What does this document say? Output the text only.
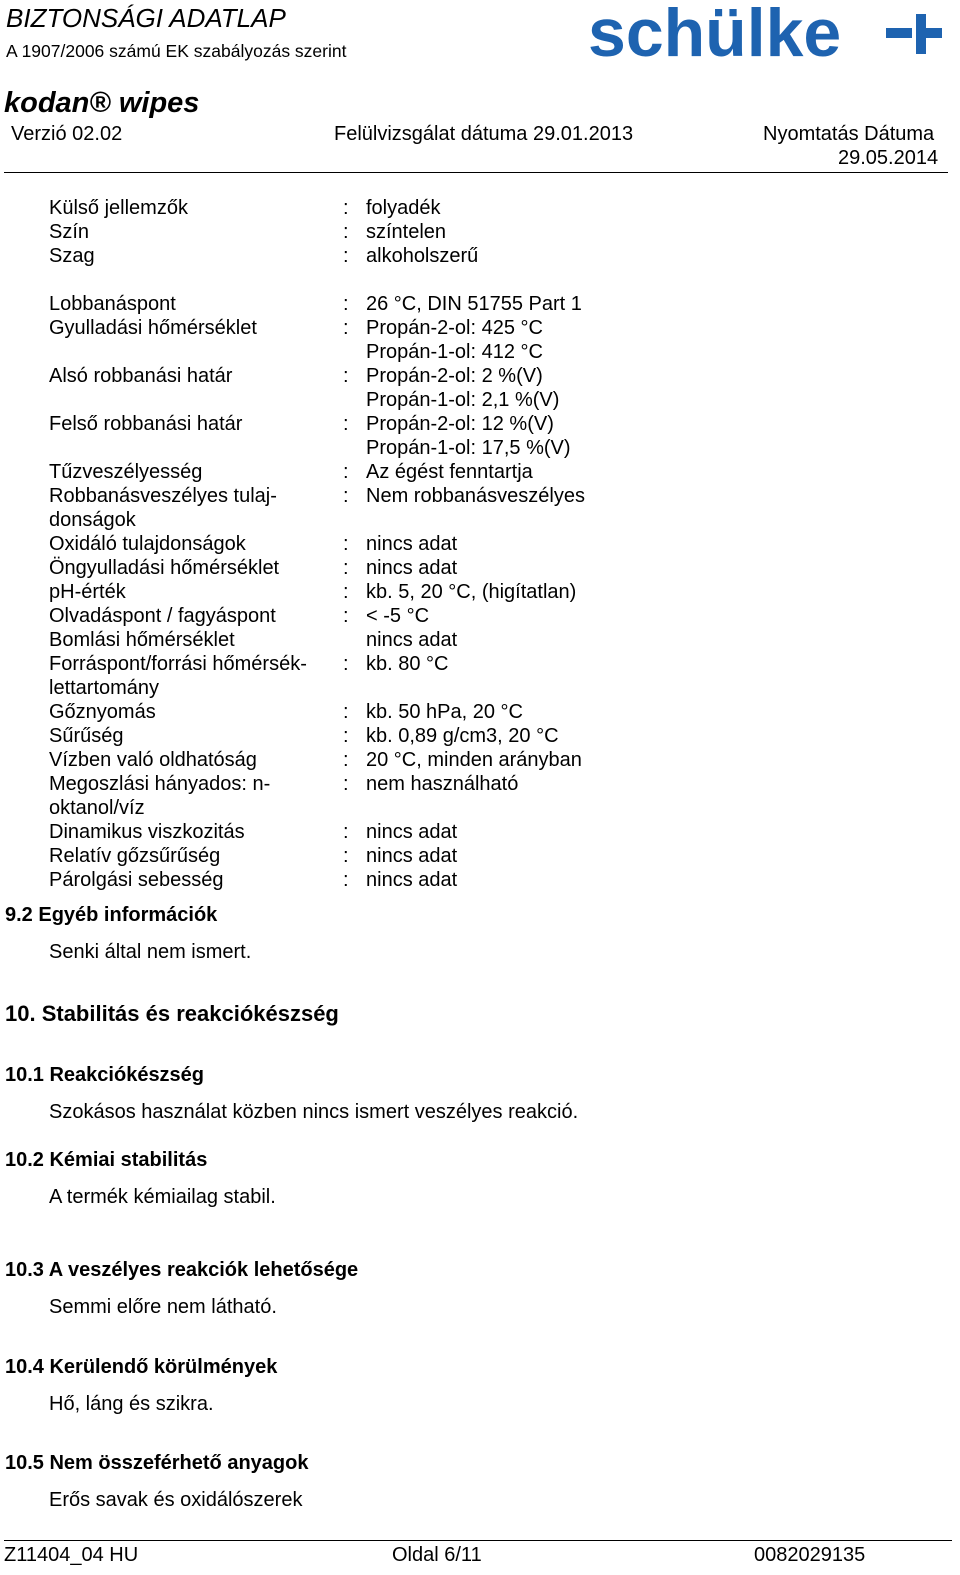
BIZTONSÁGI ADATLAP
A 1907/2006 számú EK szabályozás szerint	schülke
kodan® wipes
Verzió 02.02	Felülvizsgálat dátuma 29.01.2013	Nyomtatás Dátuma
29.05.2014
Külső jellemzők	: folyadék
Szín	: színtelen
Szag	: alkoholszerű
Lobbanáspont	: 26 °C, DIN 51755 Part 1
Gyulladási hőmérséklet	: Propán-2-ol: 425 °C
Propán-1-ol: 412 °C
Alsó robbanási határ	: Propán-2-ol: 2 %(V)
Propán-1-ol: 2,1 %(V)
Felső robbanási határ	: Propán-2-ol: 12 %(V)
Propán-1-ol: 17,5 %(V)
Tűzveszélyesség	: Az égést fenntartja
Robbanásveszélyes tulaj-
donságok
: Nem robbanásveszélyes
Oxidáló tulajdonságok	: nincs adat
Öngyulladási hőmérséklet	: nincs adat
pH-érték	: kb. 5, 20 °C, (higítatlan)
Olvadáspont / fagyáspont	: < -5 °C
Bomlási hőmérséklet	nincs adat
Forráspont/forrási hőmérsék-
lettartomány
: kb. 80 °C
Gőznyomás	: kb. 50 hPa, 20 °C
Sűrűség	: kb. 0,89 g/cm3, 20 °C
Vízben való oldhatóság	: 20 °C, minden arányban
Megoszlási hányados: n-
oktanol/víz
: nem használható
Dinamikus viszkozitás	: nincs adat
Relatív gőzsűrűség	: nincs adat
Párolgási sebesség	: nincs adat
9.2 Egyéb információk
Senki által nem ismert.
10. Stabilitás és reakciókészség
10.1 Reakciókészség
Szokásos használat közben nincs ismert veszélyes reakció.
10.2 Kémiai stabilitás
A termék kémiailag stabil.
10.3 A veszélyes reakciók lehetősége
Semmi előre nem látható.
10.4 Kerülendő körülmények
Hő, láng és szikra.
10.5 Nem összeférhető anyagok
Erős savak és oxidálószerek
Z11404_04 HU	Oldal 6/11	0082029135
